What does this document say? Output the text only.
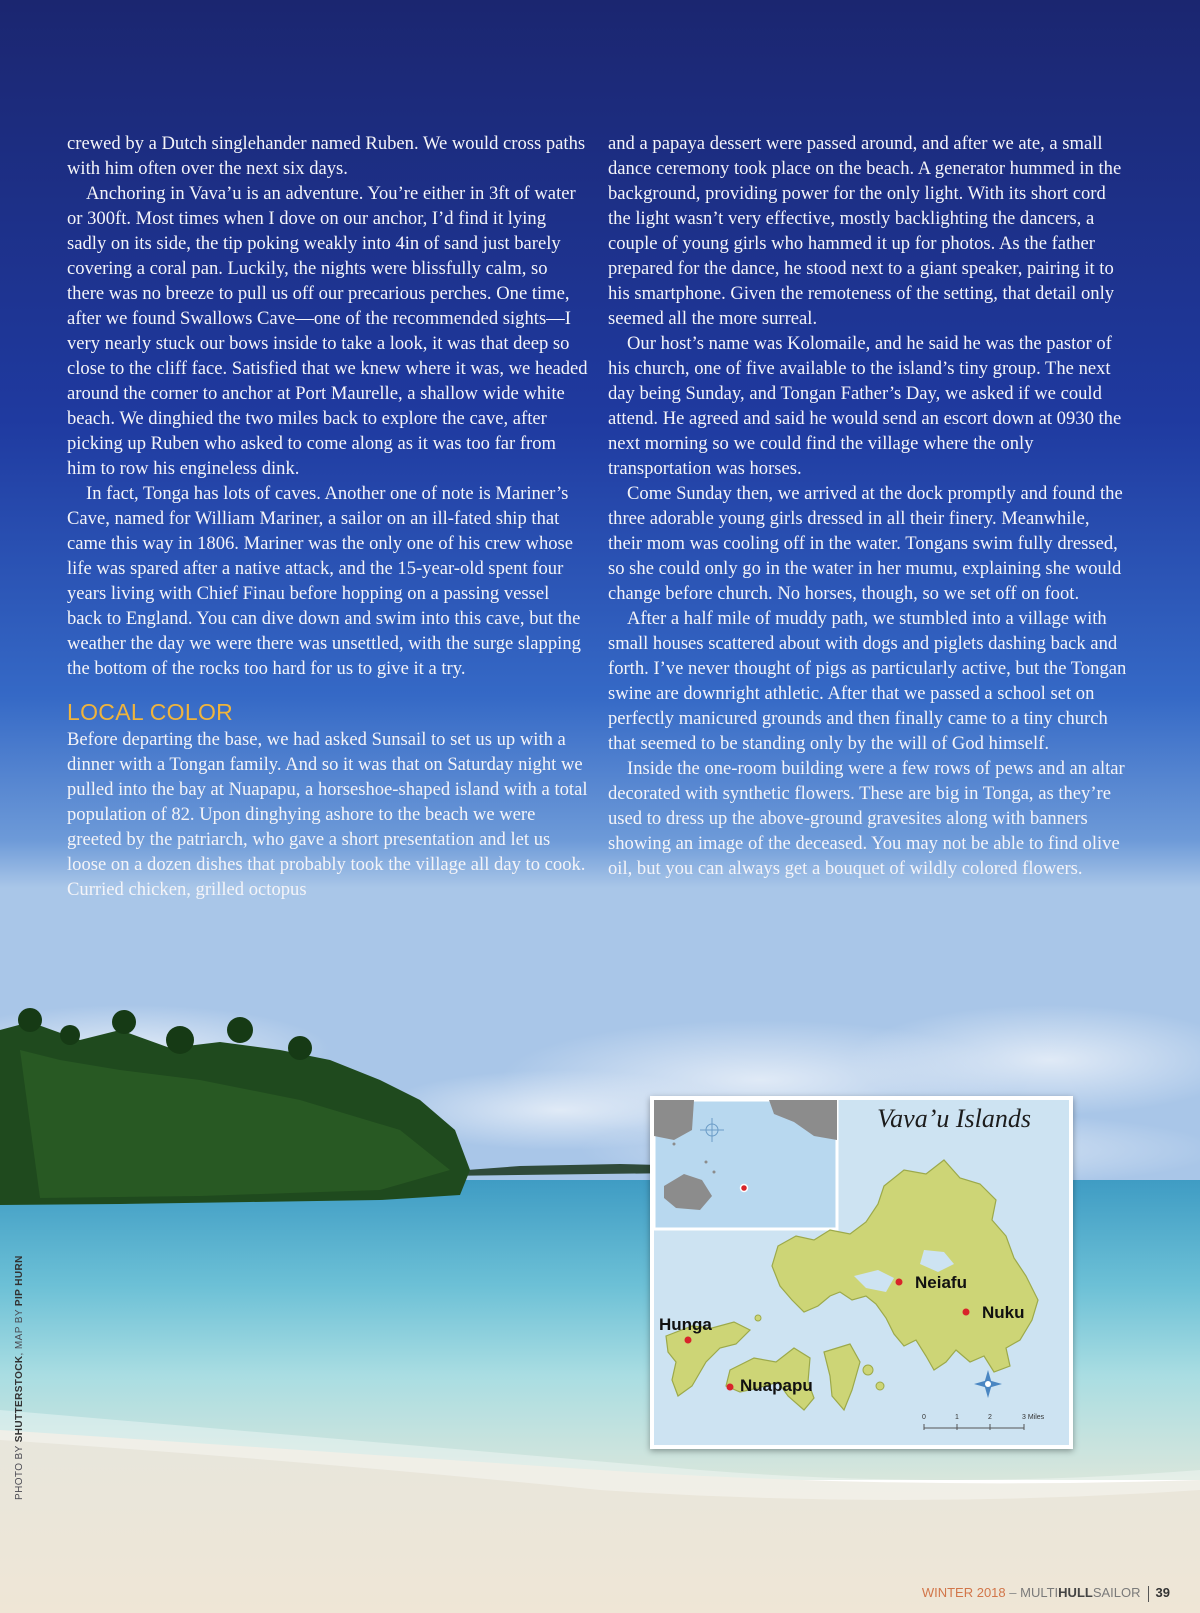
crewed by a Dutch singlehander named Ruben. We would cross paths with him often over the next six days.

Anchoring in Vava’u is an adventure. You’re either in 3ft of water or 300ft. Most times when I dove on our anchor, I’d find it lying sadly on its side, the tip poking weakly into 4in of sand just barely covering a coral pan. Luckily, the nights were blissfully calm, so there was no breeze to pull us off our precarious perches. One time, after we found Swallows Cave—one of the recommended sights—I very nearly stuck our bows inside to take a look, it was that deep so close to the cliff face. Satisfied that we knew where it was, we headed around the corner to anchor at Port Maurelle, a shallow wide white beach. We dinghied the two miles back to explore the cave, after picking up Ruben who asked to come along as it was too far from him to row his engineless dink.

In fact, Tonga has lots of caves. Another one of note is Mariner’s Cave, named for William Mariner, a sailor on an ill-fated ship that came this way in 1806. Mariner was the only one of his crew whose life was spared after a native attack, and the 15-year-old spent four years living with Chief Finau before hopping on a passing vessel back to England. You can dive down and swim into this cave, but the weather the day we were there was unsettled, with the surge slapping the bottom of the rocks too hard for us to give it a try.

LOCAL COLOR

Before departing the base, we had asked Sunsail to set us up with a dinner with a Tongan family. And so it was that on Saturday night we pulled into the bay at Nuapapu, a horseshoe-shaped island with a total population of 82. Upon dinghying ashore to the beach we were greeted by the patriarch, who gave a short presentation and let us loose on a dozen dishes that probably took the village all day to cook. Curried chicken, grilled octopus

and a papaya dessert were passed around, and after we ate, a small dance ceremony took place on the beach. A generator hummed in the background, providing power for the only light. With its short cord the light wasn’t very effective, mostly backlighting the dancers, a couple of young girls who hammed it up for photos. As the father prepared for the dance, he stood next to a giant speaker, pairing it to his smartphone. Given the remoteness of the setting, that detail only seemed all the more surreal.

Our host’s name was Kolomaile, and he said he was the pastor of his church, one of five available to the island’s tiny group. The next day being Sunday, and Tongan Father’s Day, we asked if we could attend. He agreed and said he would send an escort down at 0930 the next morning so we could find the village where the only transportation was horses.

Come Sunday then, we arrived at the dock promptly and found the three adorable young girls dressed in all their finery. Meanwhile, their mom was cooling off in the water. Tongans swim fully dressed, so she could only go in the water in her mumu, explaining she would change before church. No horses, though, so we set off on foot.

After a half mile of muddy path, we stumbled into a village with small houses scattered about with dogs and piglets dashing back and forth. I’ve never thought of pigs as particularly active, but the Tongan swine are downright athletic. After that we passed a school set on perfectly manicured grounds and then finally came to a tiny church that seemed to be standing only by the will of God himself.

Inside the one-room building were a few rows of pews and an altar decorated with synthetic flowers. These are big in Tonga, as they’re used to dress up the above-ground gravesites along with banners showing an image of the deceased. You may not be able to find olive oil, but you can always get a bouquet of wildly colored flowers.

Vava’u Islands
Neiafu
Nuku
Hunga
Nuapapu
0	1	2	3 Miles
PHOTO BY SHUTTERSTOCK, MAP BY PIP HURN
WINTER 2018 – MULTIHULLSAILOR 39
